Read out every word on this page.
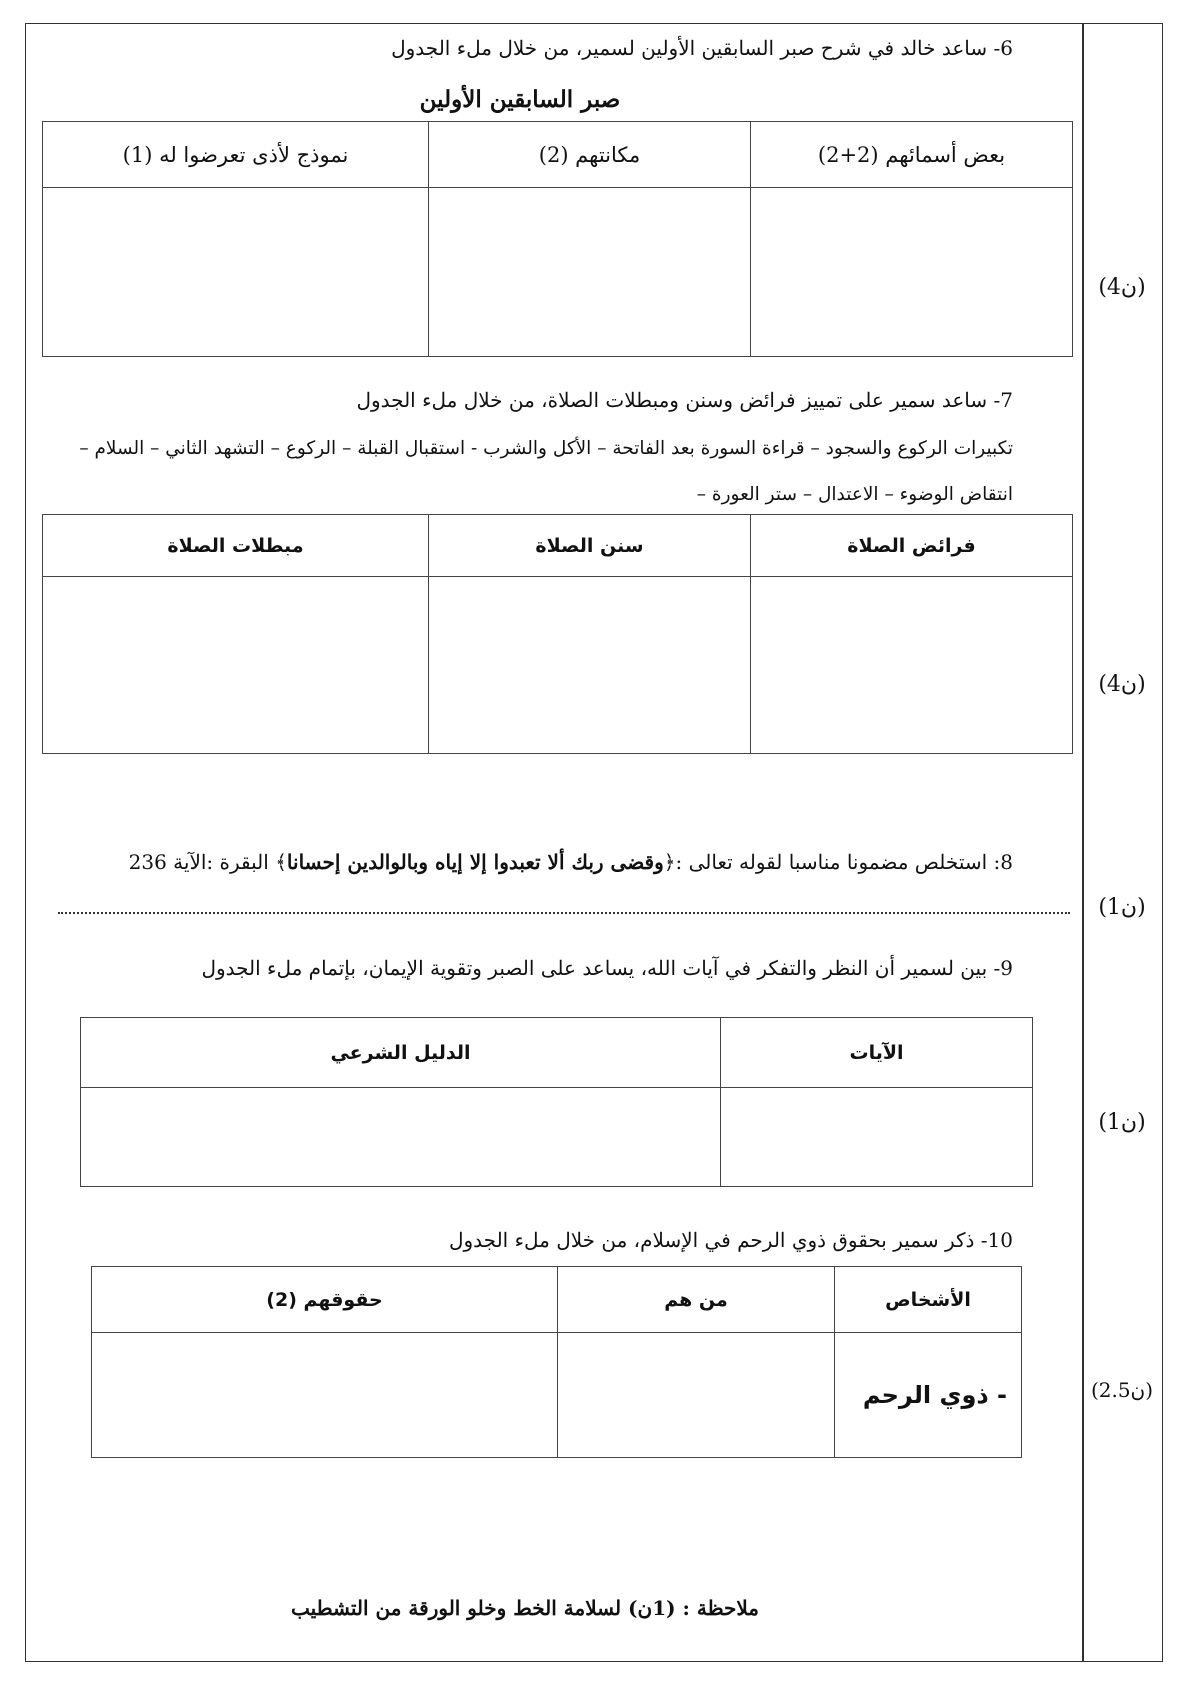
6- ساعد خالد في شرح صبر السابقين الأولين لسمير، من خلال ملء الجدول
صبر السابقين الأولين
بعض أسمائهم (2+2)	مكانتهم (2)	نموذج لأذى تعرضوا له (1)

(4ن)
7- ساعد سمير على تمييز فرائض وسنن ومبطلات الصلاة، من خلال ملء الجدول
تكبيرات الركوع والسجود – قراءة السورة بعد الفاتحة – الأكل والشرب - استقبال القبلة – الركوع – التشهد الثاني – السلام –
انتقاض الوضوء – الاعتدال – ستر العورة –
فرائض الصلاة	سنن الصلاة	مبطلات الصلاة

(4ن)
8: استخلص مضمونا مناسبا لقوله تعالى :﴿وقضى ربك ألا تعبدوا إلا إياه وبالوالدين إحسانا﴾ البقرة :الآية 236
(1ن)
9- بين لسمير أن النظر والتفكر في آيات الله، يساعد على الصبر وتقوية الإيمان، بإتمام ملء الجدول
الآيات	الدليل الشرعي

(1ن)
10- ذكر سمير بحقوق ذوي الرحم في الإسلام، من خلال ملء الجدول
الأشخاص	من هم	حقوقهم (2)
- ذوي الرحم			(2.5ن)
ملاحظة : (1ن) لسلامة الخط وخلو الورقة من التشطيب
